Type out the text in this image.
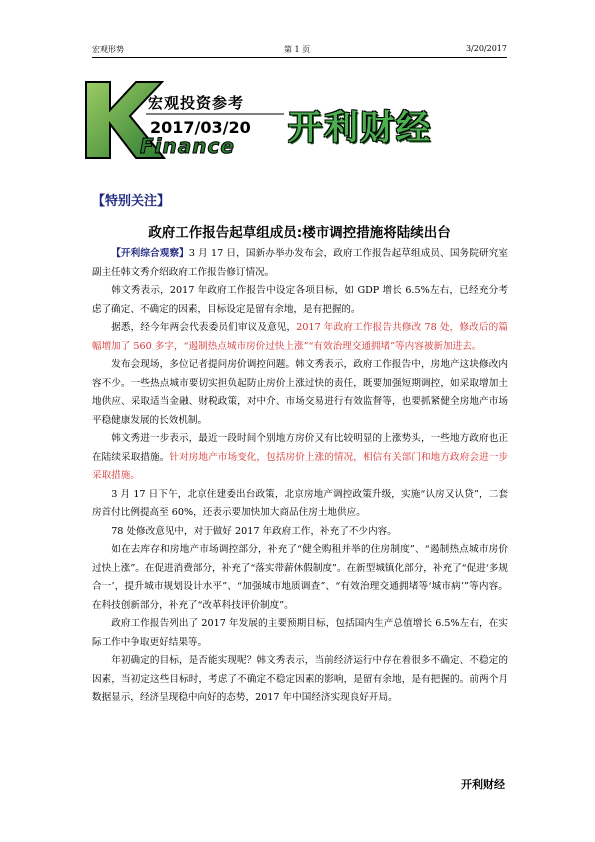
宏观形势	第 1 页	3/20/2017
宏观投资参考
2017/03/20
Finance 开利财经
【特别关注】
政府工作报告起草组成员:楼市调控措施将陆续出台

【开利综合观察】3 月 17 日，国新办举办发布会，政府工作报告起草组成员、国务院研究室副主任韩文秀介绍政府工作报告修订情况。

韩文秀表示，2017 年政府工作报告中设定各项目标，如 GDP 增长 6.5%左右，已经充分考虑了确定、不确定的因素，目标设定是留有余地，是有把握的。

据悉，经今年两会代表委员们审议及意见，2017 年政府工作报告共修改 78 处，修改后的篇幅增加了 560 多字，“遏制热点城市房价过快上涨”“有效治理交通拥堵”等内容被新加进去。

发布会现场，多位记者提问房价调控问题。韩文秀表示，政府工作报告中，房地产这块修改内容不少。一些热点城市要切实担负起防止房价上涨过快的责任，既要加强短期调控，如采取增加土地供应、采取适当金融、财税政策，对中介、市场交易进行有效监督等，也要抓紧健全房地产市场平稳健康发展的长效机制。

韩文秀进一步表示，最近一段时间个别地方房价又有比较明显的上涨势头，一些地方政府也正在陆续采取措施。针对房地产市场变化，包括房价上涨的情况，相信有关部门和地方政府会进一步采取措施。

3 月 17 日下午，北京住建委出台政策，北京房地产调控政策升级，实施“认房又认贷”，二套房首付比例提高至 60%，还表示要加快加大商品住房土地供应。

78 处修改意见中，对于做好 2017 年政府工作，补充了不少内容。

如在去库存和房地产市场调控部分，补充了“健全购租并举的住房制度”、“遏制热点城市房价过快上涨”。在促进消费部分，补充了“落实带薪休假制度”。在新型城镇化部分，补充了“促进‘多规合一’，提升城市规划设计水平”、“加强城市地质调查”、“有效治理交通拥堵等‘城市病’”等内容。在科技创新部分，补充了“改革科技评价制度”。

政府工作报告列出了 2017 年发展的主要预期目标，包括国内生产总值增长 6.5%左右，在实际工作中争取更好结果等。

年初确定的目标，是否能实现呢？韩文秀表示，当前经济运行中存在着很多不确定、不稳定的因素，当初定这些目标时，考虑了不确定不稳定因素的影响，是留有余地，是有把握的。前两个月数据显示，经济呈现稳中向好的态势，2017 年中国经济实现良好开局。

开利财经
